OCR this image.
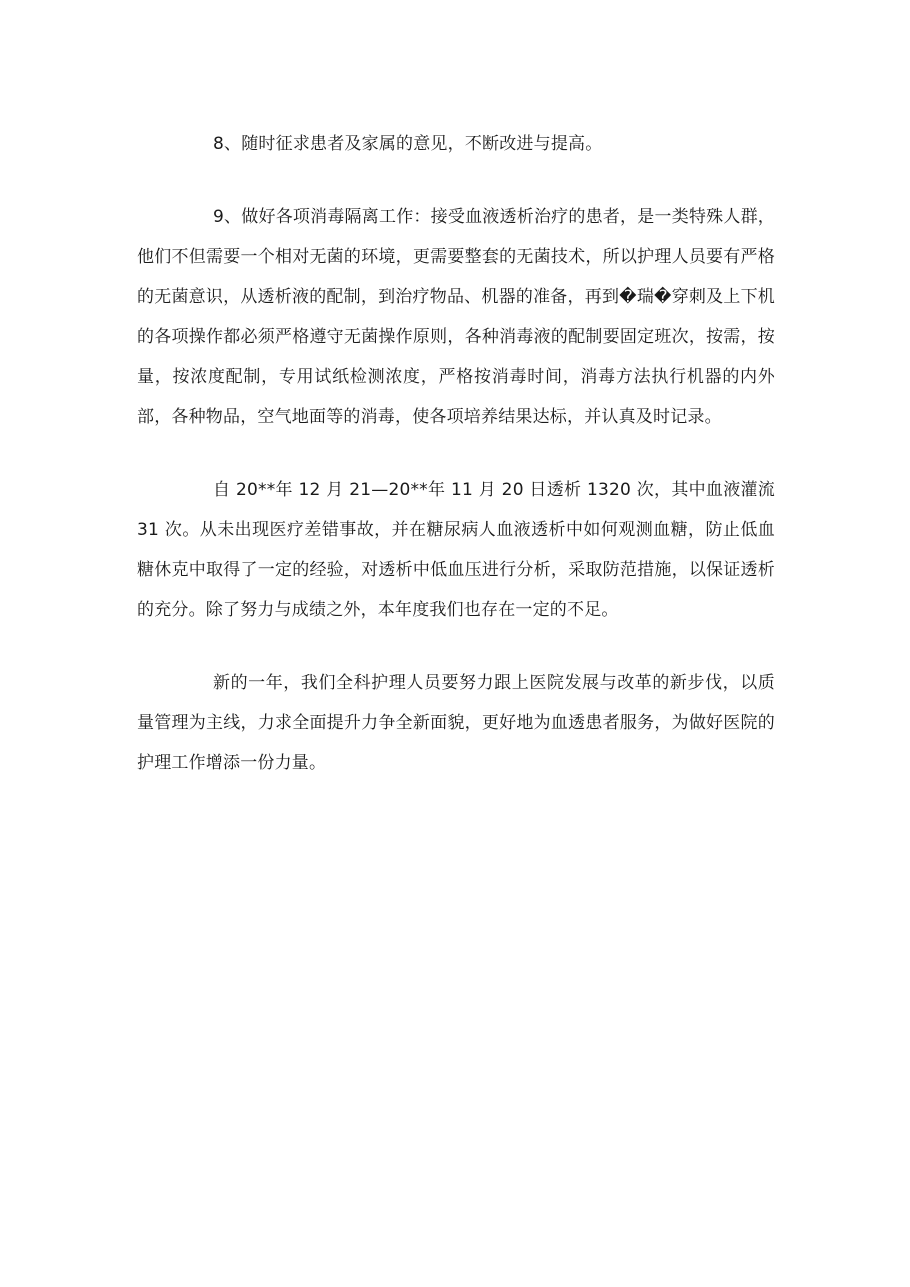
8、随时征求患者及家属的意见，不断改进与提高。

9、做好各项消毒隔离工作：接受血液透析治疗的患者，是一类特殊人群，他们不但需要一个相对无菌的环境，更需要整套的无菌技术，所以护理人员要有严格的无菌意识，从透析液的配制，到治疗物品、机器的准备，再到�瑞�穿刺及上下机的各项操作都必须严格遵守无菌操作原则，各种消毒液的配制要固定班次，按需，按量，按浓度配制，专用试纸检测浓度，严格按消毒时间，消毒方法执行机器的内外部，各种物品，空气地面等的消毒，使各项培养结果达标，并认真及时记录。

自 20**年 12 月 21—20**年 11 月 20 日透析 1320 次，其中血液灌流 31 次。从未出现医疗差错事故，并在糖尿病人血液透析中如何观测血糖，防止低血糖休克中取得了一定的经验，对透析中低血压进行分析，采取防范措施，以保证透析的充分。除了努力与成绩之外，本年度我们也存在一定的不足。

新的一年，我们全科护理人员要努力跟上医院发展与改革的新步伐，以质量管理为主线，力求全面提升力争全新面貌，更好地为血透患者服务，为做好医院的护理工作增添一份力量。
